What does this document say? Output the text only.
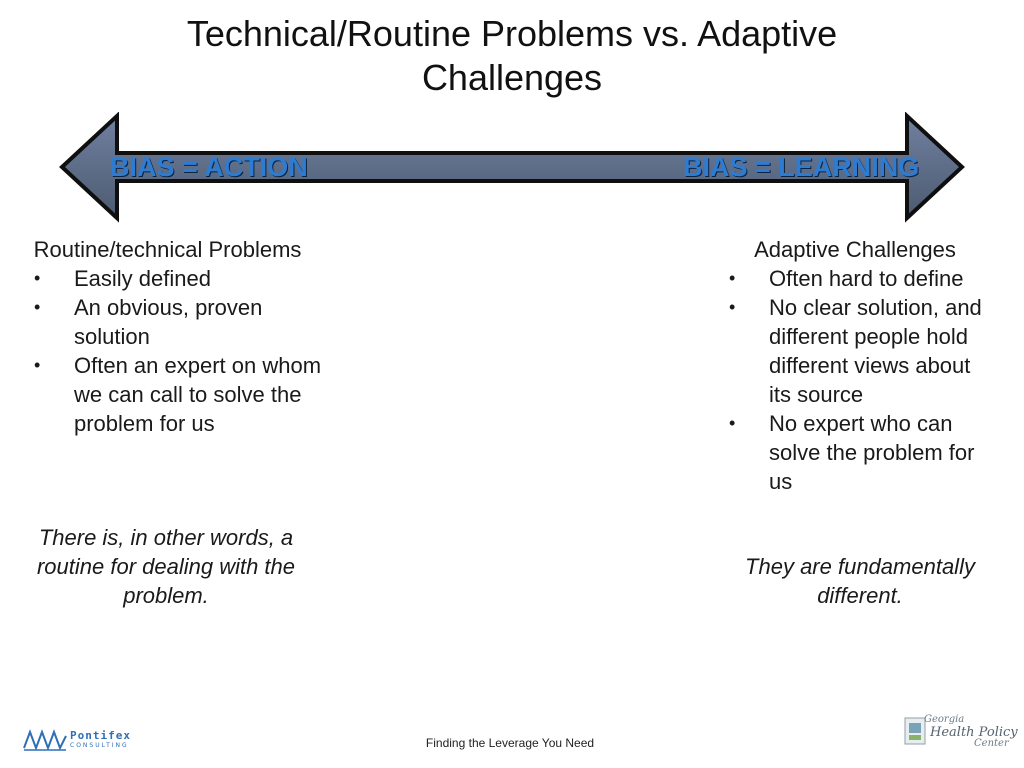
Technical/Routine Problems vs. Adaptive Challenges
BIAS = ACTION	BIAS = LEARNING
Routine/technical Problems
• Easily defined
• An obvious, proven solution
• Often an expert on whom we can call to solve the problem for us
Adaptive Challenges
• Often hard to define
• No clear solution, and different people hold different views about its source
• No expert who can solve the problem for us
There is, in other words, a routine for dealing with the problem.
They are fundamentally different.
Pontifex
CONSULTING	Finding the Leverage You Need
Georgia
Health Policy
Center
